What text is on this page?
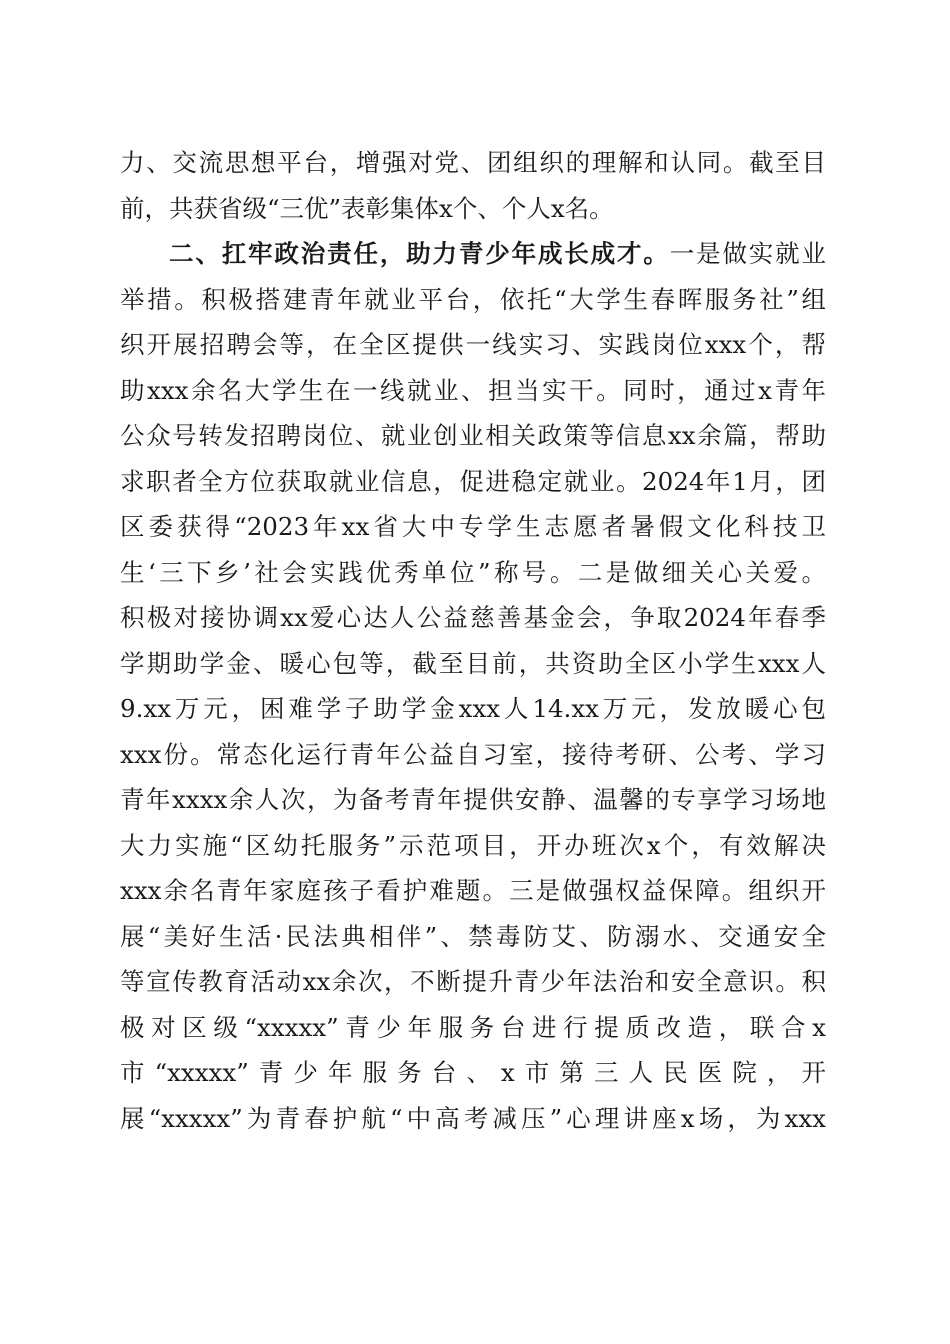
力、交流思想平台，增强对党、团组织的理解和认同。截至目
前，共获省级“三优”表彰集体x个、个人x名。
二、扛牢政治责任，助力青少年成长成才。一是做实就业
举措。积极搭建青年就业平台，依托“大学生春晖服务社”组
织开展招聘会等，在全区提供一线实习、实践岗位xxx个，帮
助xxx余名大学生在一线就业、担当实干。同时，通过x青年
公众号转发招聘岗位、就业创业相关政策等信息xx余篇，帮助
求职者全方位获取就业信息，促进稳定就业。2024年1月，团
区委获得“2023年xx省大中专学生志愿者暑假文化科技卫
生‘三下乡’社会实践优秀单位”称号。二是做细关心关爱。
积极对接协调xx爱心达人公益慈善基金会，争取2024年春季
学期助学金、暖心包等，截至目前，共资助全区小学生xxx人
9.xx万元，困难学子助学金xxx人14.xx万元，发放暖心包
xxx份。常态化运行青年公益自习室，接待考研、公考、学习
青年xxxx余人次，为备考青年提供安静、温馨的专享学习场地
大力实施“区幼托服务”示范项目，开办班次x个，有效解决
xxx余名青年家庭孩子看护难题。三是做强权益保障。组织开
展“美好生活·民法典相伴”、禁毒防艾、防溺水、交通安全
等宣传教育活动xx余次，不断提升青少年法治和安全意识。积
极对区级“xxxxx”青少年服务台进行提质改造，联合x
市“xxxxx”青少年服务台、x市第三人民医院，开
展“xxxxx”为青春护航“中高考减压”心理讲座x场，为xxx
